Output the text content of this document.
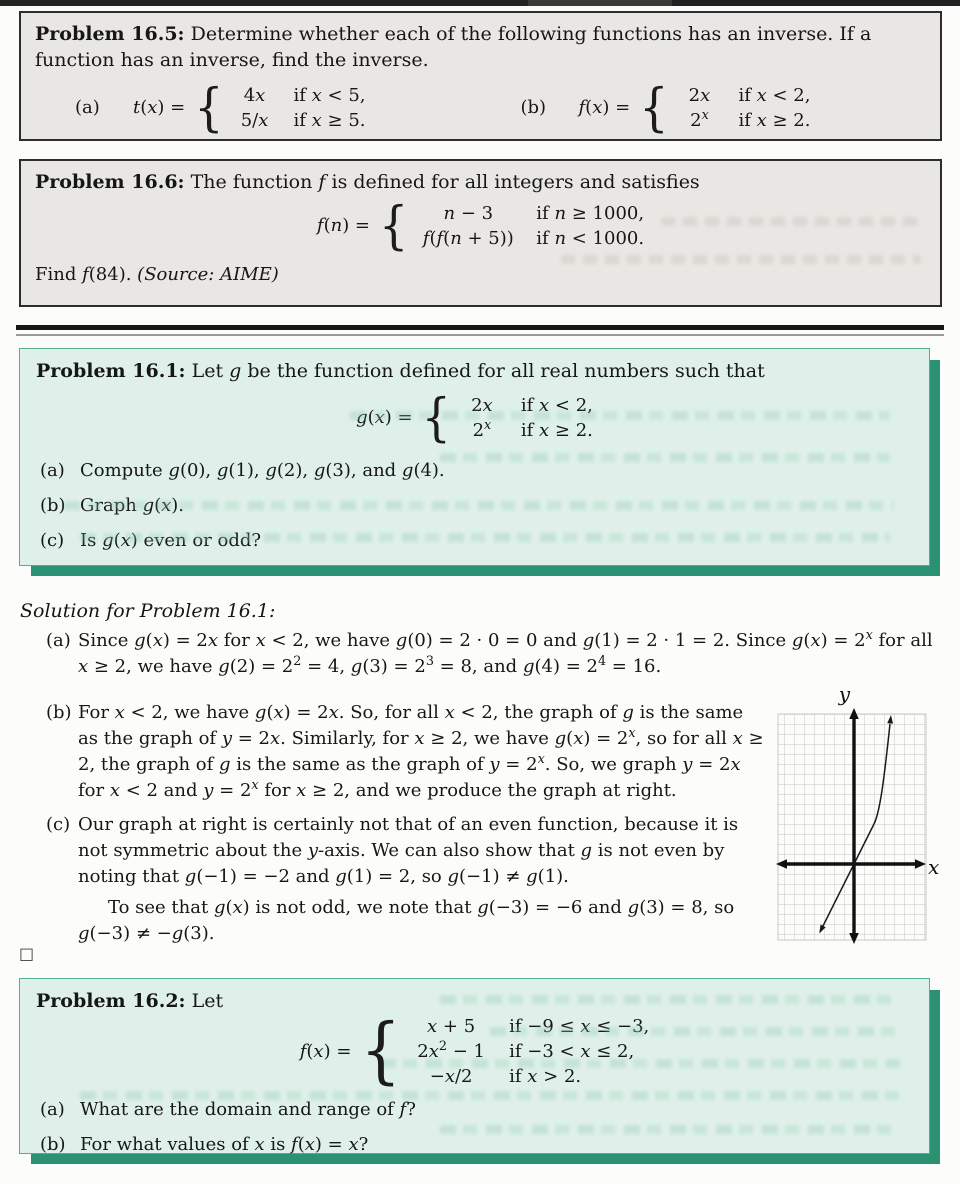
Problem 16.5: Determine whether each of the following functions has an inverse. If a function has an inverse, find the inverse.
(a)	t(x) = {	4x	if x < 5,
5/x	if x ≥ 5.
(b)	f(x) = {	2x	if x < 2,
2$^x$	if x ≥ 2.
Problem 16.6: The function f is defined for all integers and satisfies
f(n) = {	n − 3	if n ≥ 1000,
f(f(n + 5))	if n < 1000.
Find f(84). (Source: AIME)
Problem 16.1: Let g be the function defined for all real numbers such that
g(x) = {	2x	if x < 2,
2$^x$	if x ≥ 2.
(a) Compute g(0), g(1), g(2), g(3), and g(4).
(b) Graph g(x).
(c) Is g(x) even or odd?
Solution for Problem 16.1:
(a) Since g(x) = 2x for x < 2, we have g(0) = 2 · 0 = 0 and g(1) = 2 · 1 = 2. Since $g(x) = 2^x$ for all x ≥ 2, we have $g(2) = 2^2 = 4$, $g(3) = 2^3 = 8$, and $g(4) = 2^4 = 16$.
(b) For x < 2, we have g(x) = 2x. So, for all x < 2, the graph of g is the same as the graph of y = 2x. Similarly, for x ≥ 2, we have $g(x) = 2^x$, so for all x ≥ 2, the graph of g is the same as the graph of $y = 2^x$. So, we graph y = 2x for x < 2 and $y = 2^x$ for x ≥ 2, and we produce the graph at right.
(c) Our graph at right is certainly not that of an even function, because it is not symmetric about the y-axis. We can also show that g is not even by noting that g(−1) = −2 and g(1) = 2, so g(−1) ≠ g(1).
To see that g(x) is not odd, we note that g(−3) = −6 and g(3) = 8, so g(−3) ≠ −g(3).
y
x
□
Problem 16.2: Let
f(x) = {	x + 5	if −9 ≤ x ≤ −3,
$2x^2 - 1$	if −3 < x ≤ 2,
−x/2	if x > 2.
(a) What are the domain and range of f?
(b) For what values of x is f(x) = x?
